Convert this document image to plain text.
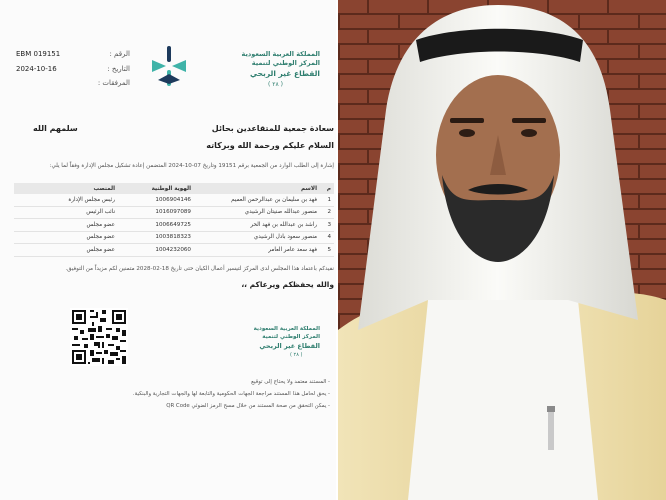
EBM 019151	الرقم :
2024-10-16	التاريخ :
المرفقات :
المملكة العربية السعودية
المركز الوطني لتنمية
القطاع غير الربحي
( ٢٨ )
سعادة جمعية للمتقاعدين بحائل
سلمهم الله
السلام عليكم ورحمة الله وبركاته
إشارة إلى الطلب الوارد من الجمعية برقم 19151 وتاريخ 07-10-2024 المتضمن إعادة تشكيل مجلس الإدارة وفقاً لما يلي:
م	الاسم	الهوية الوطنية	المنصب
1	فهد بن سليمان بن عبدالرحمن العميم	1006904146	رئيس مجلس الإدارة
2	منصور عبدالله صنيتان الرشيدي	1016097089	نائب الرئيس
3	راشد بن عبدالله بن فهد الحر	1006649725	عضو مجلس
4	منصور سعود بادل الرشيدي	1003818323	عضو مجلس
5	فهد سعد عامر العامر	1004232060	عضو مجلس
نفيدكم باعتماد هذا المجلس لدى المركز لتيسير أعمال الكيان حتى تاريخ 18-02-2028 متمنين لكم مزيداً من التوفيق.
والله يحفظكم ويرعاكم ،،
المملكة العربية السعودية
المركز الوطني لتنمية
القطاع غير الربحي
( ٢٨ )
- المستند معتمد ولا يحتاج إلى توقيع
- يحق لحامل هذا المستند مراجعة الجهات الحكومية والتابعة لها والجهات التجارية والبنكية.
- يمكن التحقق من صحة المستند من خلال مسح الرمز الضوئي QR Code
